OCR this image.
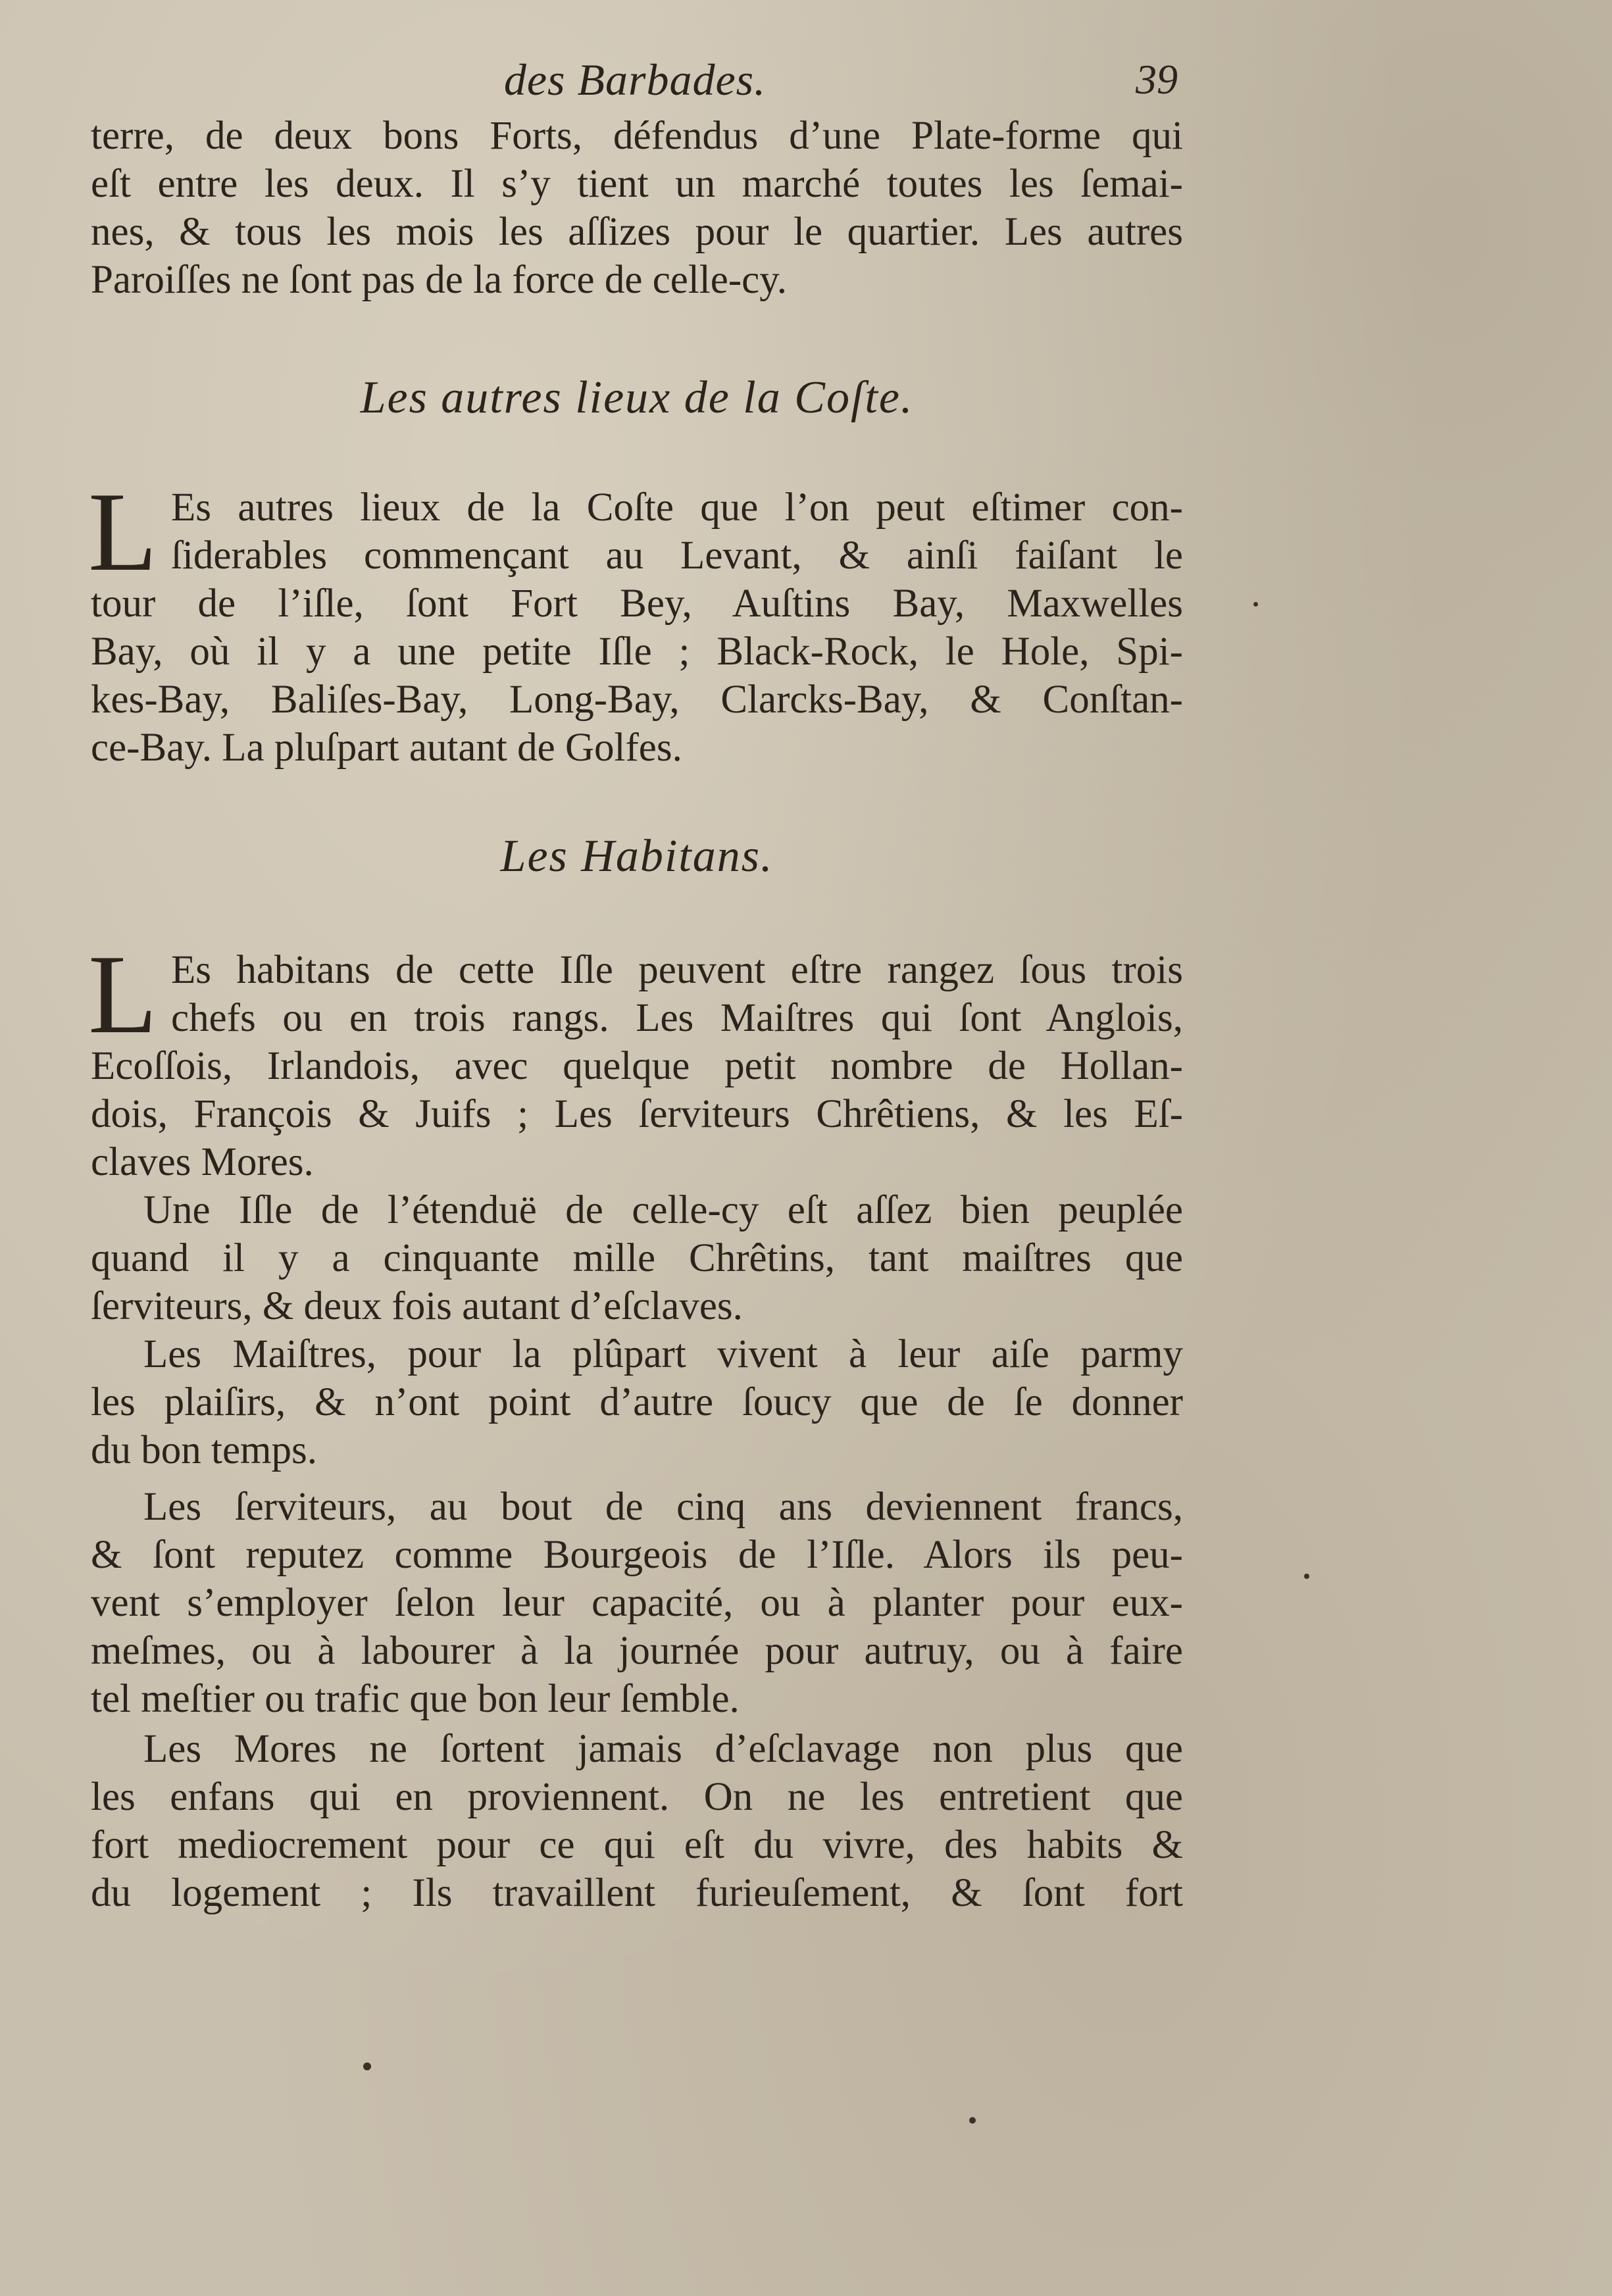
des Barbades.	39
terre, de deux bons Forts, défendus d’une Plate-forme qui
eſt entre les deux. Il s’y tient un marché toutes les ſemai-
nes, & tous les mois les aſſizes pour le quartier. Les autres
Paroiſſes ne ſont pas de la force de celle-cy.
Les autres lieux de la Coſte.
L Es autres lieux de la Coſte que l’on peut eſtimer con-
ſiderables commençant au Levant, & ainſi faiſant le
tour de l’iſle, ſont Fort Bey, Auſtins Bay, Maxwelles
Bay, où il y a une petite Iſle ; Black-Rock, le Hole, Spi-
kes-Bay, Baliſes-Bay, Long-Bay, Clarcks-Bay, & Conſtan-
ce-Bay. La pluſpart autant de Golfes.
Les Habitans.
L Es habitans de cette Iſle peuvent eſtre rangez ſous trois
chefs ou en trois rangs. Les Maiſtres qui ſont Anglois,
Ecoſſois, Irlandois, avec quelque petit nombre de Hollan-
dois, François & Juifs ; Les ſerviteurs Chrêtiens, & les Eſ-
claves Mores.
Une Iſle de l’étenduë de celle-cy eſt aſſez bien peuplée
quand il y a cinquante mille Chrêtins, tant maiſtres que
ſerviteurs, & deux fois autant d’eſclaves.
Les Maiſtres, pour la plûpart vivent à leur aiſe parmy
les plaiſirs, & n’ont point d’autre ſoucy que de ſe donner
du bon temps.
Les ſerviteurs, au bout de cinq ans deviennent francs,
& ſont reputez comme Bourgeois de l’Iſle. Alors ils peu-
vent s’employer ſelon leur capacité, ou à planter pour eux-
meſmes, ou à labourer à la journée pour autruy, ou à faire
tel meſtier ou trafic que bon leur ſemble.
Les Mores ne ſortent jamais d’eſclavage non plus que
les enfans qui en proviennent. On ne les entretient que
fort mediocrement pour ce qui eſt du vivre, des habits &
du logement ; Ils travaillent furieuſement, & ſont fort
